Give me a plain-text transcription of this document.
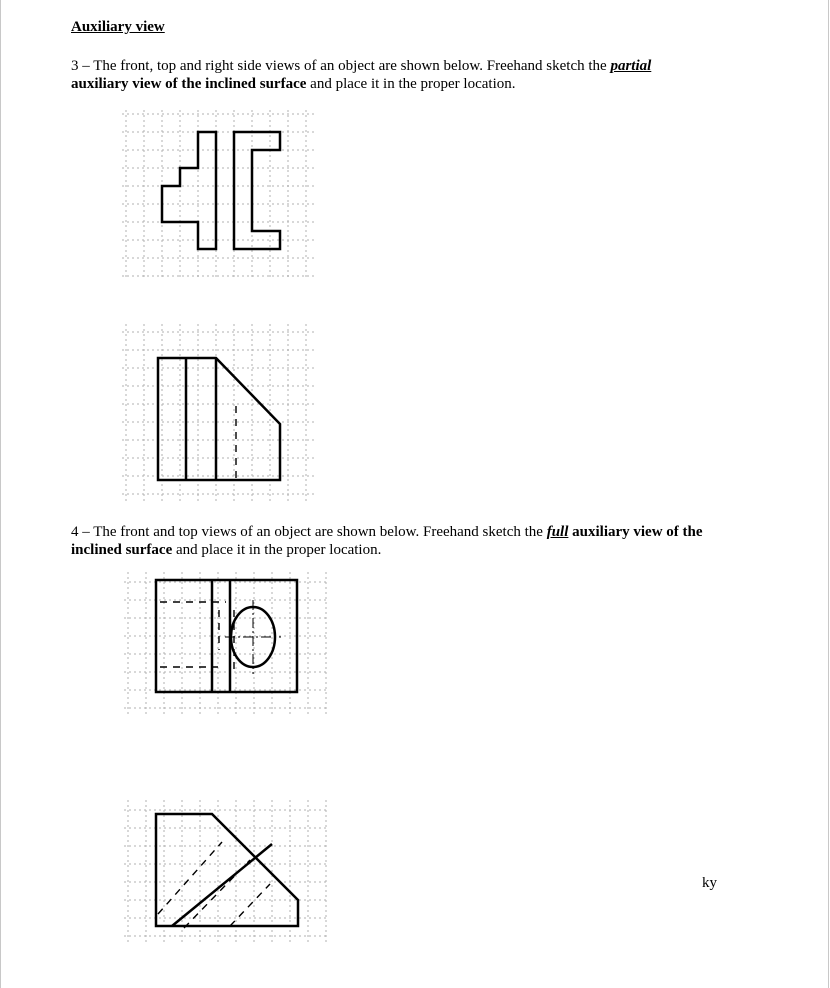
Auxiliary view
3 – The front, top and right side views of an object are shown below. Freehand sketch the partial
auxiliary view of the inclined surface and place it in the proper location.
4 – The front and top views of an object are shown below. Freehand sketch the full auxiliary view of the
inclined surface and place it in the proper location.
ky
